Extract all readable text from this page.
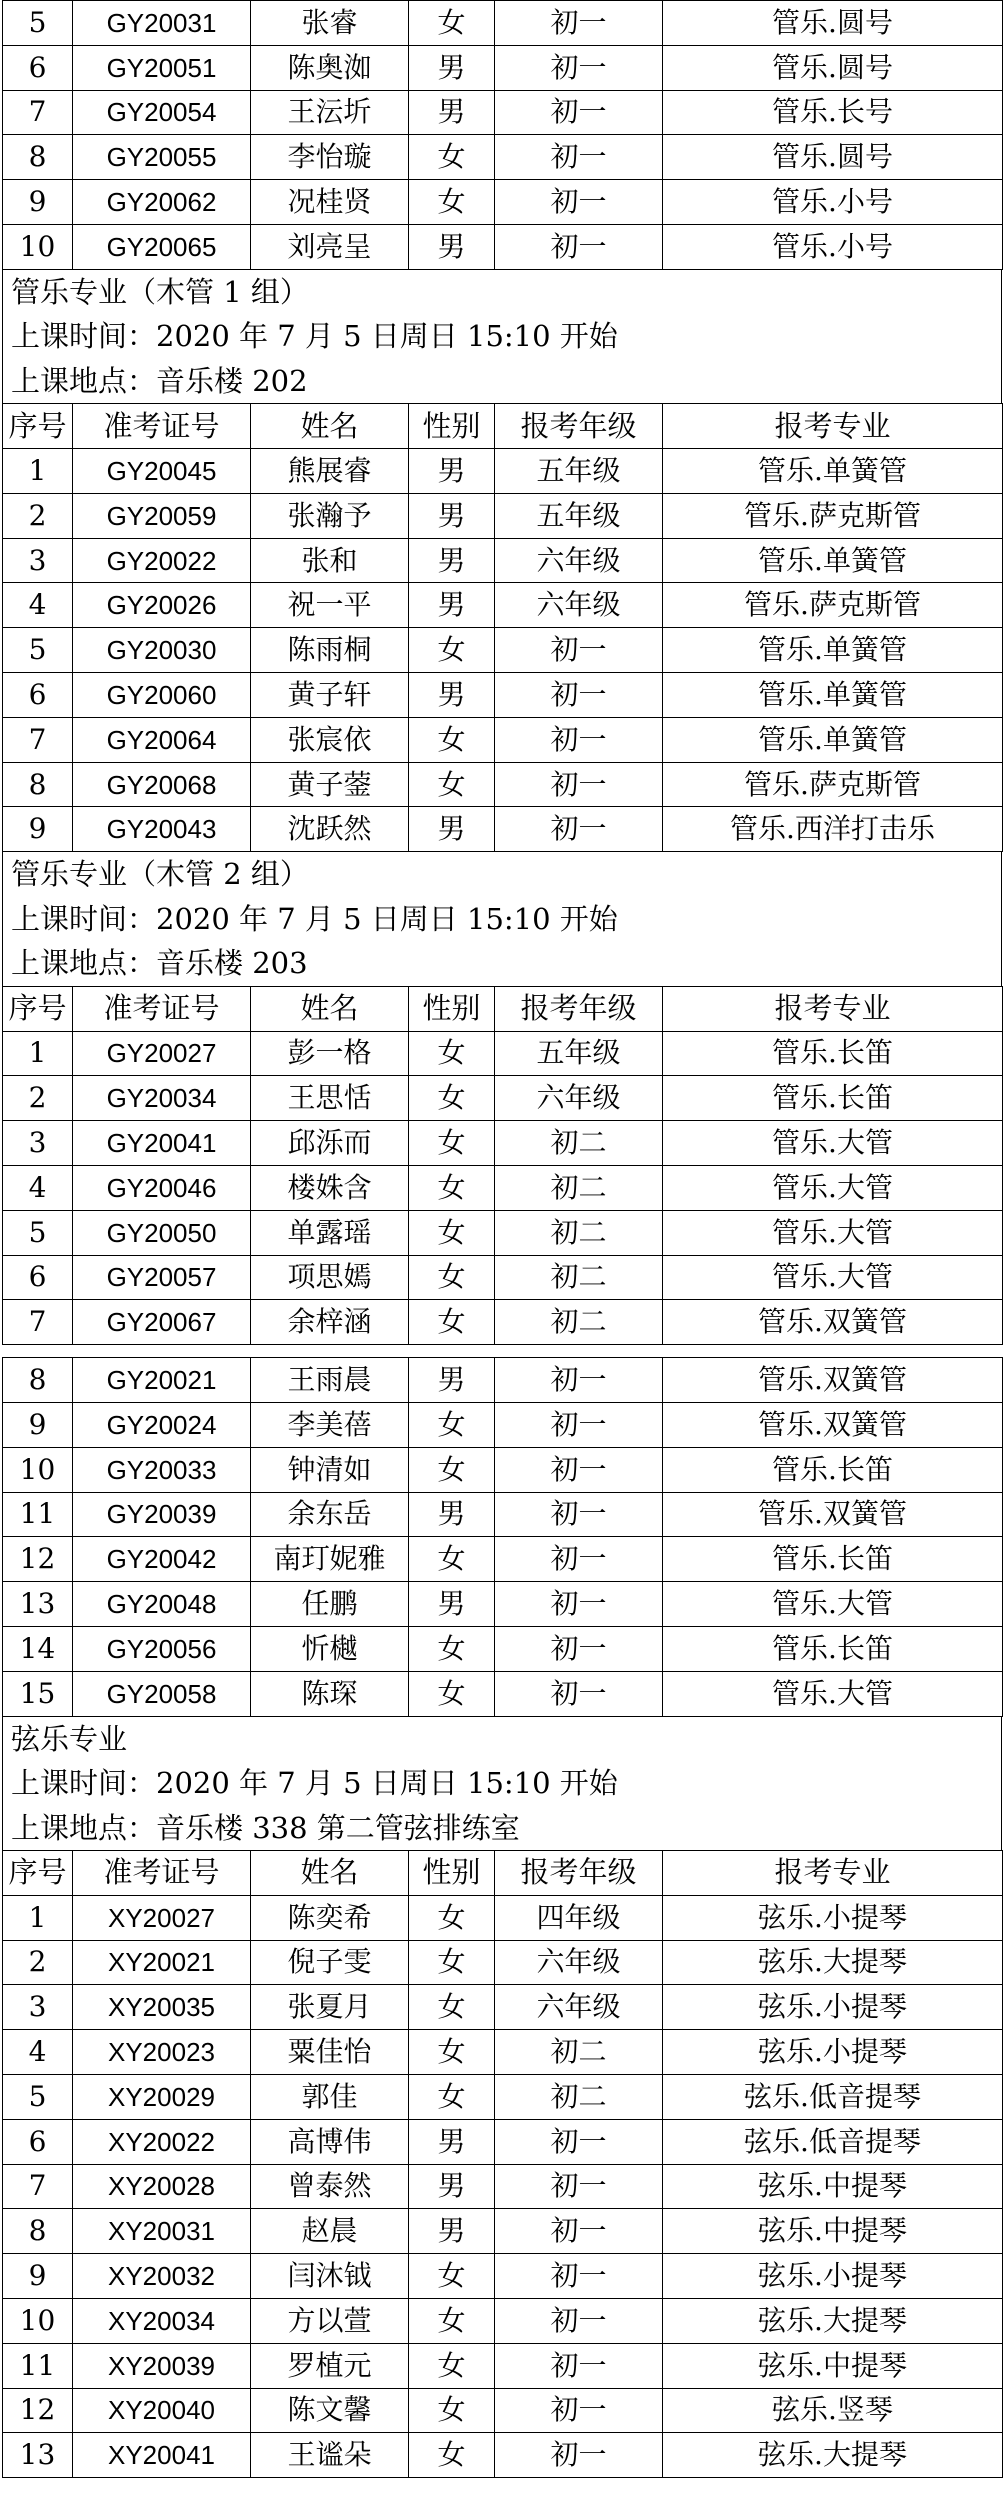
5	GY20031	张睿	女	初一	管乐.圆号
6	GY20051	陈奥洳	男	初一	管乐.圆号
7	GY20054	王沄圻	男	初一	管乐.长号
8	GY20055	李怡璇	女	初一	管乐.圆号
9	GY20062	况桂贤	女	初一	管乐.小号
10	GY20065	刘亮呈	男	初一	管乐.小号
管乐专业（木管 1 组）
上课时间：2020 年 7 月 5 日周日 15:10 开始
上课地点：音乐楼 202
序号	准考证号	姓名	性别	报考年级	报考专业
1	GY20045	熊展睿	男	五年级	管乐.单簧管
2	GY20059	张瀚予	男	五年级	管乐.萨克斯管
3	GY20022	张和	男	六年级	管乐.单簧管
4	GY20026	祝一平	男	六年级	管乐.萨克斯管
5	GY20030	陈雨桐	女	初一	管乐.单簧管
6	GY20060	黄子轩	男	初一	管乐.单簧管
7	GY20064	张宸依	女	初一	管乐.单簧管
8	GY20068	黄子蓥	女	初一	管乐.萨克斯管
9	GY20043	沈跃然	男	初一	管乐.西洋打击乐
管乐专业（木管 2 组）
上课时间：2020 年 7 月 5 日周日 15:10 开始
上课地点：音乐楼 203
序号	准考证号	姓名	性别	报考年级	报考专业
1	GY20027	彭一格	女	五年级	管乐.长笛
2	GY20034	王思恬	女	六年级	管乐.长笛
3	GY20041	邱泺而	女	初二	管乐.大管
4	GY20046	楼姝含	女	初二	管乐.大管
5	GY20050	单露瑶	女	初二	管乐.大管
6	GY20057	项思嫣	女	初二	管乐.大管
7	GY20067	余梓涵	女	初二	管乐.双簧管
8	GY20021	王雨晨	男	初一	管乐.双簧管
9	GY20024	李美蓓	女	初一	管乐.双簧管
10	GY20033	钟清如	女	初一	管乐.长笛
11	GY20039	余东岳	男	初一	管乐.双簧管
12	GY20042	南玎妮雅	女	初一	管乐.长笛
13	GY20048	任鹏	男	初一	管乐.大管
14	GY20056	忻樾	女	初一	管乐.长笛
15	GY20058	陈琛	女	初一	管乐.大管
弦乐专业
上课时间：2020 年 7 月 5 日周日 15:10 开始
上课地点：音乐楼 338 第二管弦排练室
序号	准考证号	姓名	性别	报考年级	报考专业
1	XY20027	陈奕希	女	四年级	弦乐.小提琴
2	XY20021	倪子雯	女	六年级	弦乐.大提琴
3	XY20035	张夏月	女	六年级	弦乐.小提琴
4	XY20023	粟佳怡	女	初二	弦乐.小提琴
5	XY20029	郭佳	女	初二	弦乐.低音提琴
6	XY20022	高博伟	男	初一	弦乐.低音提琴
7	XY20028	曾泰然	男	初一	弦乐.中提琴
8	XY20031	赵晨	男	初一	弦乐.中提琴
9	XY20032	闫沐钺	女	初一	弦乐.小提琴
10	XY20034	方以萱	女	初一	弦乐.大提琴
11	XY20039	罗植元	女	初一	弦乐.中提琴
12	XY20040	陈文馨	女	初一	弦乐.竖琴
13	XY20041	王谧朵	女	初一	弦乐.大提琴
